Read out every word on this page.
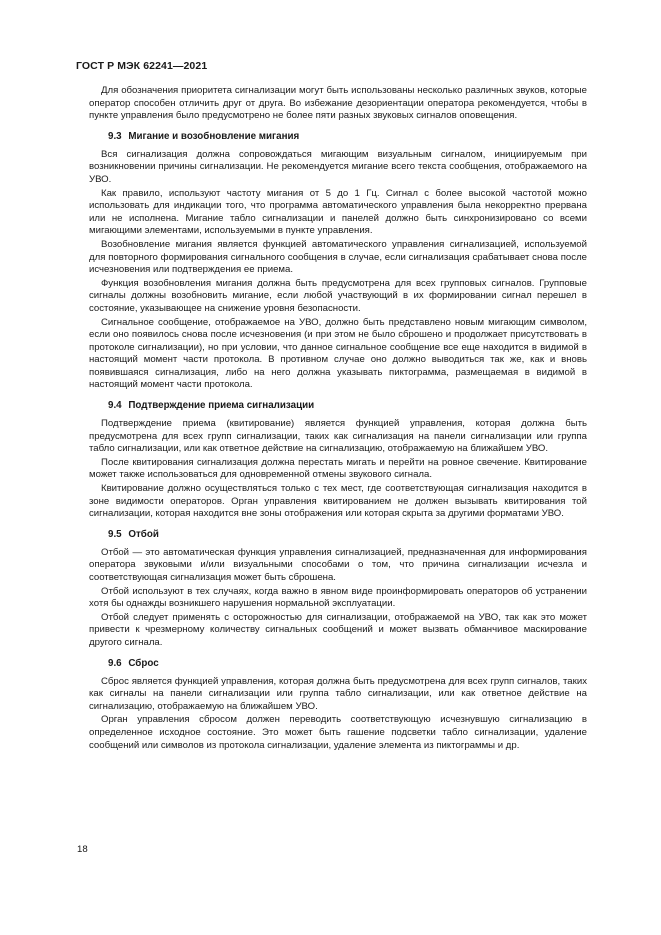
ГОСТ Р МЭК 62241—2021

Для обозначения приоритета сигнализации могут быть использованы несколько различных звуков, которые оператор способен отличить друг от друга. Во избежание дезориентации оператора рекомендуется, чтобы в пункте управления было предусмотрено не более пяти разных звуковых сигналов оповещения.

9.3 Мигание и возобновление мигания

Вся сигнализация должна сопровождаться мигающим визуальным сигналом, инициируемым при возникновении причины сигнализации. Не рекомендуется мигание всего текста сообщения, отображаемого на УВО.

Как правило, используют частоту мигания от 5 до 1 Гц. Сигнал с более высокой частотой можно использовать для индикации того, что программа автоматического управления была некорректно прервана или не исполнена. Мигание табло сигнализации и панелей должно быть синхронизировано со всеми мигающими элементами, используемыми в пункте управления.

Возобновление мигания является функцией автоматического управления сигнализацией, используемой для повторного формирования сигнального сообщения в случае, если сигнализация срабатывает снова после исчезновения или подтверждения ее приема.

Функция возобновления мигания должна быть предусмотрена для всех групповых сигналов. Групповые сигналы должны возобновить мигание, если любой участвующий в их формировании сигнал перешел в состояние, указывающее на снижение уровня безопасности.

Сигнальное сообщение, отображаемое на УВО, должно быть представлено новым мигающим символом, если оно появилось снова после исчезновения (и при этом не было сброшено и продолжает присутствовать в протоколе сигнализации), но при условии, что данное сигнальное сообщение все еще находится в видимой в настоящий момент части протокола. В противном случае оно должно выводиться так же, как и вновь появившаяся сигнализация, либо на него должна указывать пиктограмма, размещаемая в видимой в настоящий момент части протокола.

9.4 Подтверждение приема сигнализации

Подтверждение приема (квитирование) является функцией управления, которая должна быть предусмотрена для всех групп сигнализации, таких как сигнализация на панели сигнализации или группа табло сигнализации, или как ответное действие на сигнализацию, отображаемую на ближайшем УВО.

После квитирования сигнализация должна перестать мигать и перейти на ровное свечение. Квитирование может также использоваться для одновременной отмены звукового сигнала.

Квитирование должно осуществляться только с тех мест, где соответствующая сигнализация находится в зоне видимости операторов. Орган управления квитированием не должен вызывать квитирования той сигнализации, которая находится вне зоны отображения или которая скрыта за другими форматами УВО.

9.5 Отбой

Отбой — это автоматическая функция управления сигнализацией, предназначенная для информирования оператора звуковыми и/или визуальными способами о том, что причина сигнализации исчезла и соответствующая сигнализация может быть сброшена.

Отбой используют в тех случаях, когда важно в явном виде проинформировать операторов об устранении хотя бы однажды возникшего нарушения нормальной эксплуатации.

Отбой следует применять с осторожностью для сигнализации, отображаемой на УВО, так как это может привести к чрезмерному количеству сигнальных сообщений и может вызвать обманчивое маскирование другого сигнала.

9.6 Сброс

Сброс является функцией управления, которая должна быть предусмотрена для всех групп сигналов, таких как сигналы на панели сигнализации или группа табло сигнализации, или как ответное действие на сигнализацию, отображаемую на ближайшем УВО.

Орган управления сбросом должен переводить соответствующую исчезнувшую сигнализацию в определенное исходное состояние. Это может быть гашение подсветки табло сигнализации, удаление сообщений или символов из протокола сигнализации, удаление элемента из пиктограммы и др.

18
